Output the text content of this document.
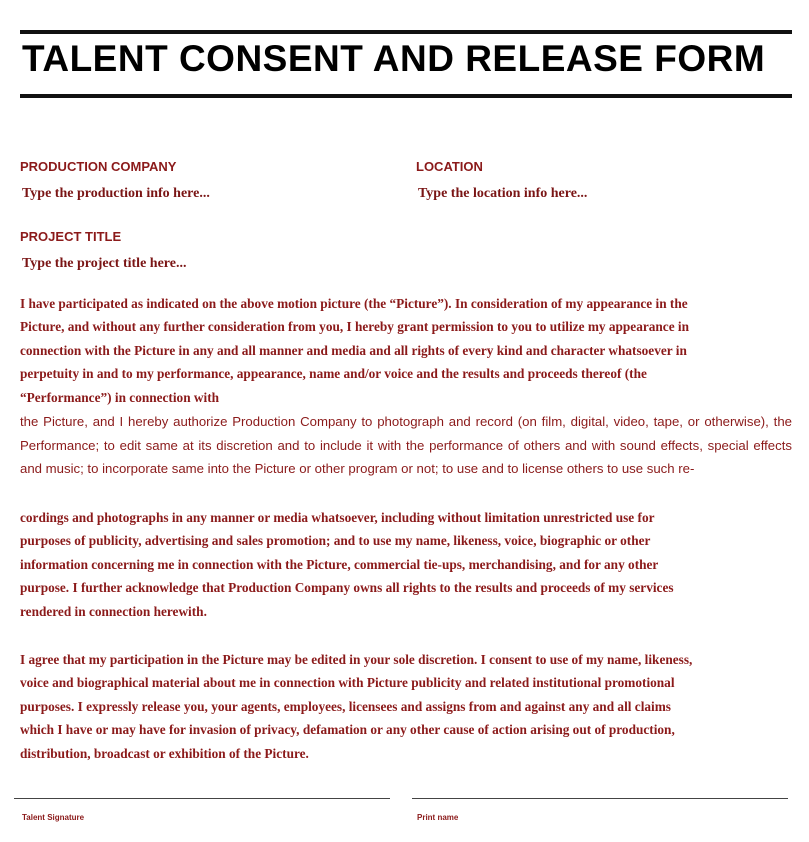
TALENT CONSENT AND RELEASE FORM
PRODUCTION COMPANY
Type the production info here...
LOCATION
Type the location info here...
PROJECT TITLE
Type the project title here...

I have participated as indicated on the above motion picture (the “Picture”). In consideration of my appearance in the

Picture, and without any further consideration from you, I hereby grant permission to you to utilize my appearance in

connection with the Picture in any and all manner and media and all rights of every kind and character whatsoever in

perpetuity in and to my performance, appearance, name and/or voice and the results and proceeds thereof (the

“Performance”) in connection with

the Picture, and I hereby authorize Production Company to photograph and record (on film, digital, video, tape, or otherwise), the Performance; to edit same at its discretion and to include it with the performance of others and with sound effects, special effects and music; to incorporate same into the Picture or other program or not; to use and to license others to use such re-

cordings and photographs in any manner or media whatsoever, including without limitation unrestricted use for

purposes of publicity, advertising and sales promotion; and to use my name, likeness, voice, biographic or other

information concerning me in connection with the Picture, commercial tie-ups, merchandising, and for any other

purpose. I further acknowledge that Production Company owns all rights to the results and proceeds of my services

rendered in connection herewith.

I agree that my participation in the Picture may be edited in your sole discretion. I consent to use of my name, likeness,

voice and biographical material about me in connection with Picture publicity and related institutional promotional

purposes. I expressly release you, your agents, employees, licensees and assigns from and against any and all claims

which I have or may have for invasion of privacy, defamation or any other cause of action arising out of production,

distribution, broadcast or exhibition of the Picture.

Talent Signature	Print name
